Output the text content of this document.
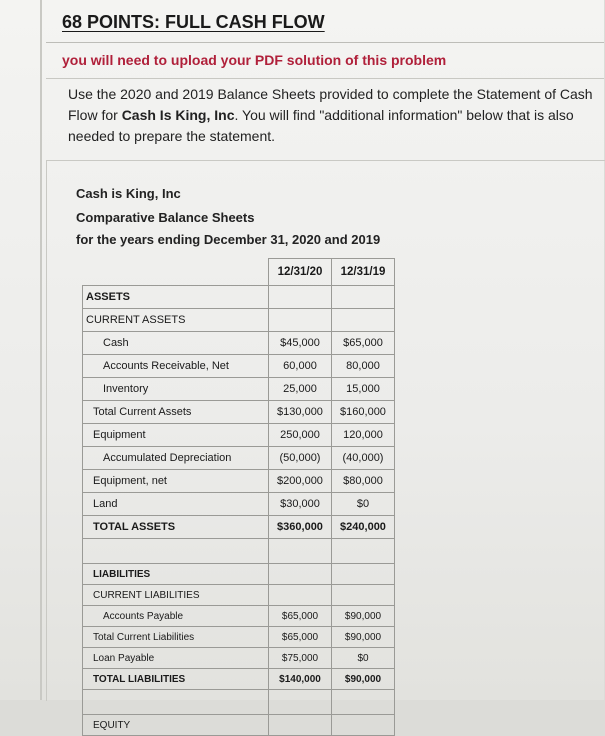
68 POINTS: FULL CASH FLOW
you will need to upload your PDF solution of this problem
Use the 2020 and 2019 Balance Sheets provided to complete the Statement of Cash Flow for Cash Is King, Inc. You will find "additional information" below that is also needed to prepare the statement.
Cash is King, Inc
Comparative Balance Sheets
for the years ending December 31, 2020 and 2019
	12/31/20	12/31/19
ASSETS		
CURRENT ASSETS		
Cash	$45,000	$65,000
Accounts Receivable, Net	60,000	80,000
Inventory	25,000	15,000
Total Current Assets	$130,000	$160,000
Equipment	250,000	120,000
Accumulated Depreciation	(50,000)	(40,000)
Equipment, net	$200,000	$80,000
Land	$30,000	$0
TOTAL ASSETS	$360,000	$240,000

LIABILITIES		
CURRENT LIABILITIES		
Accounts Payable	$65,000	$90,000
Total Current Liabilities	$65,000	$90,000
Loan Payable	$75,000	$0
TOTAL LIABILITIES	$140,000	$90,000

EQUITY		
